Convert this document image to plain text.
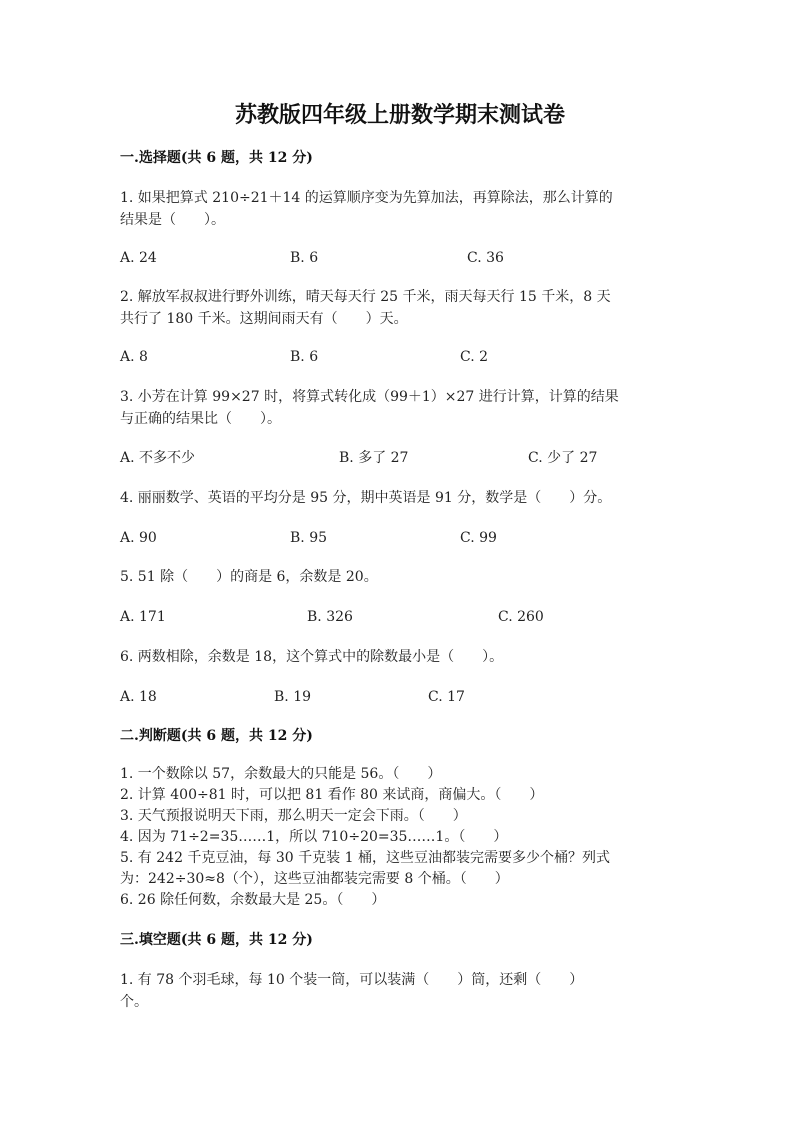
苏教版四年级上册数学期末测试卷
一.选择题(共 6 题，共 12 分)
1. 如果把算式 210÷21＋14 的运算顺序变为先算加法，再算除法，那么计算的
结果是（　　）。
A. 24	B. 6	C. 36
2. 解放军叔叔进行野外训练，晴天每天行 25 千米，雨天每天行 15 千米，8 天
共行了 180 千米。这期间雨天有（　　）天。
A. 8	B. 6	C. 2
3. 小芳在计算 99×27 时，将算式转化成（99＋1）×27 进行计算，计算的结果
与正确的结果比（　　）。
A. 不多不少	B. 多了 27	C. 少了 27
4. 丽丽数学、英语的平均分是 95 分，期中英语是 91 分，数学是（　　）分。
A. 90	B. 95	C. 99
5. 51 除（　　）的商是 6，余数是 20。
A. 171	B. 326	C. 260
6. 两数相除，余数是 18，这个算式中的除数最小是（　　）。
A. 18	B. 19	C. 17
二.判断题(共 6 题，共 12 分)
1. 一个数除以 57，余数最大的只能是 56。（　　）
2. 计算 400÷81 时，可以把 81 看作 80 来试商，商偏大。（　　）
3. 天气预报说明天下雨，那么明天一定会下雨。（　　）
4. 因为 71÷2=35……1，所以 710÷20=35……1。（　　）
5. 有 242 千克豆油，每 30 千克装 1 桶，这些豆油都装完需要多少个桶？列式
为：242÷30≈8（个），这些豆油都装完需要 8 个桶。（　　）
6. 26 除任何数，余数最大是 25。（　　）
三.填空题(共 6 题，共 12 分)
1. 有 78 个羽毛球，每 10 个装一筒，可以装满（　　）筒，还剩（　　）
个。
